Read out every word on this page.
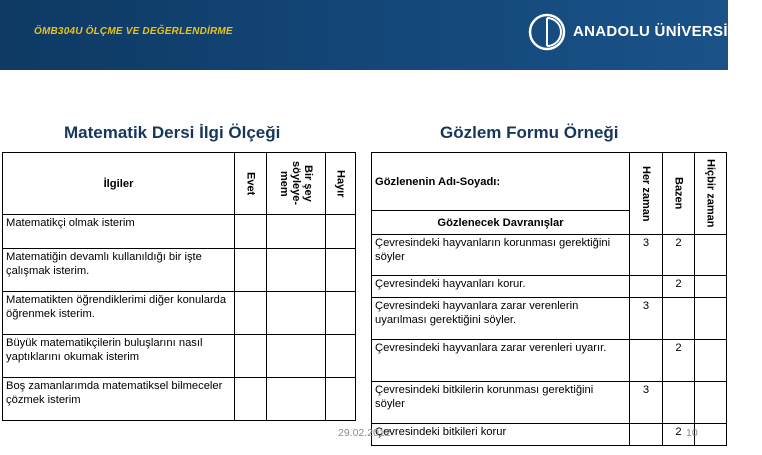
ÖMB304U ÖLÇME VE DEĞERLENDİRME	ANADOLU ÜNİVERSİTESİ
Matematik Dersi İlgi Ölçeği	Gözlem Formu Örneği
İlgiler	Evet	Bir şey söyleye-mem	Hayır

Matematikçi olmak isterim			
Matematiğin devamlı kullanıldığı bir işte çalışmak isterim.			
Matematikten öğrendiklerimi diğer konularda öğrenmek isterim.			
Büyük matematikçilerin buluşlarını nasıl yaptıklarını okumak isterim			
Boş zamanlarımda matematiksel bilmeceler çözmek isterim			
Gözlenenin Adı-Soyadı:	Her zaman	Bazen	Hiçbir zaman

Gözlenecek Davranışlar			
Çevresindeki hayvanların korunması gerektiğini söyler	3	2	
Çevresindeki hayvanları korur.		2	
Çevresindeki hayvanlara zarar verenlerin uyarılması gerektiğini söyler.	3		
Çevresindeki hayvanlara zarar verenleri uyarır.		2	
Çevresindeki bitkilerin korunması gerektiğini söyler	3		
Çevresindeki bitkileri korur		2	
29.02.2012	10
